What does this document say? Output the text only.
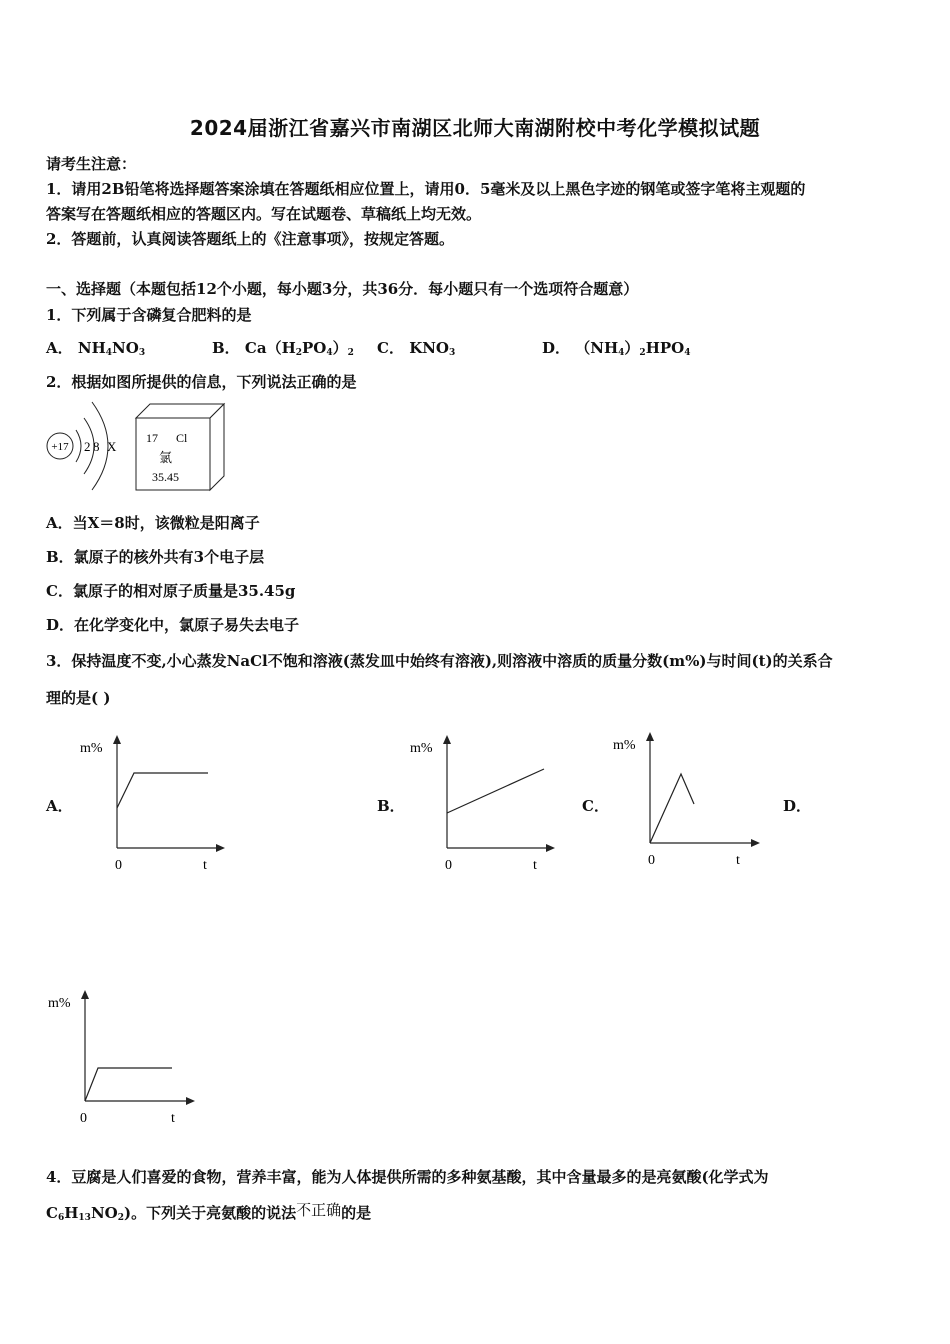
2024届浙江省嘉兴市南湖区北师大南湖附校中考化学模拟试题
请考生注意：
1．请用2B铅笔将选择题答案涂填在答题纸相应位置上，请用0．5毫米及以上黑色字迹的钢笔或签字笔将主观题的
答案写在答题纸相应的答题区内。写在试题卷、草稿纸上均无效。
2．答题前，认真阅读答题纸上的《注意事项》，按规定答题。
一、选择题（本题包括12个小题，每小题3分，共36分．每小题只有一个选项符合题意）
1．下列属于含磷复合肥料的是
A． $NH_4NO_3$	B． $Ca(H_2PO_4)_2$ C． $KNO_3$	D． $(NH_4)_2HPO_4$
2．根据如图所提供的信息，下列说法正确的是
+17 2 8 X
17 Cl
氯
35.45
A．当X＝8时，该微粒是阳离子
B．氯原子的核外共有3个电子层
C．氯原子的相对原子质量是35.45g
D．在化学变化中，氯原子易失去电子
3．保持温度不变,小心蒸发NaCl不饱和溶液(蒸发皿中始终有溶液),则溶液中溶质的质量分数(m%)与时间(t)的关系合
理的是( )
A．	B．	C．	D．
m%
0	t
m%
0	t
m%
0	t
m%
0	t
4．豆腐是人们喜爱的食物，营养丰富，能为人体提供所需的多种氨基酸，其中含量最多的是亮氨酸(化学式为
$C_6H_{13}NO_2$)。下列关于亮氨酸的说法不正确的是
